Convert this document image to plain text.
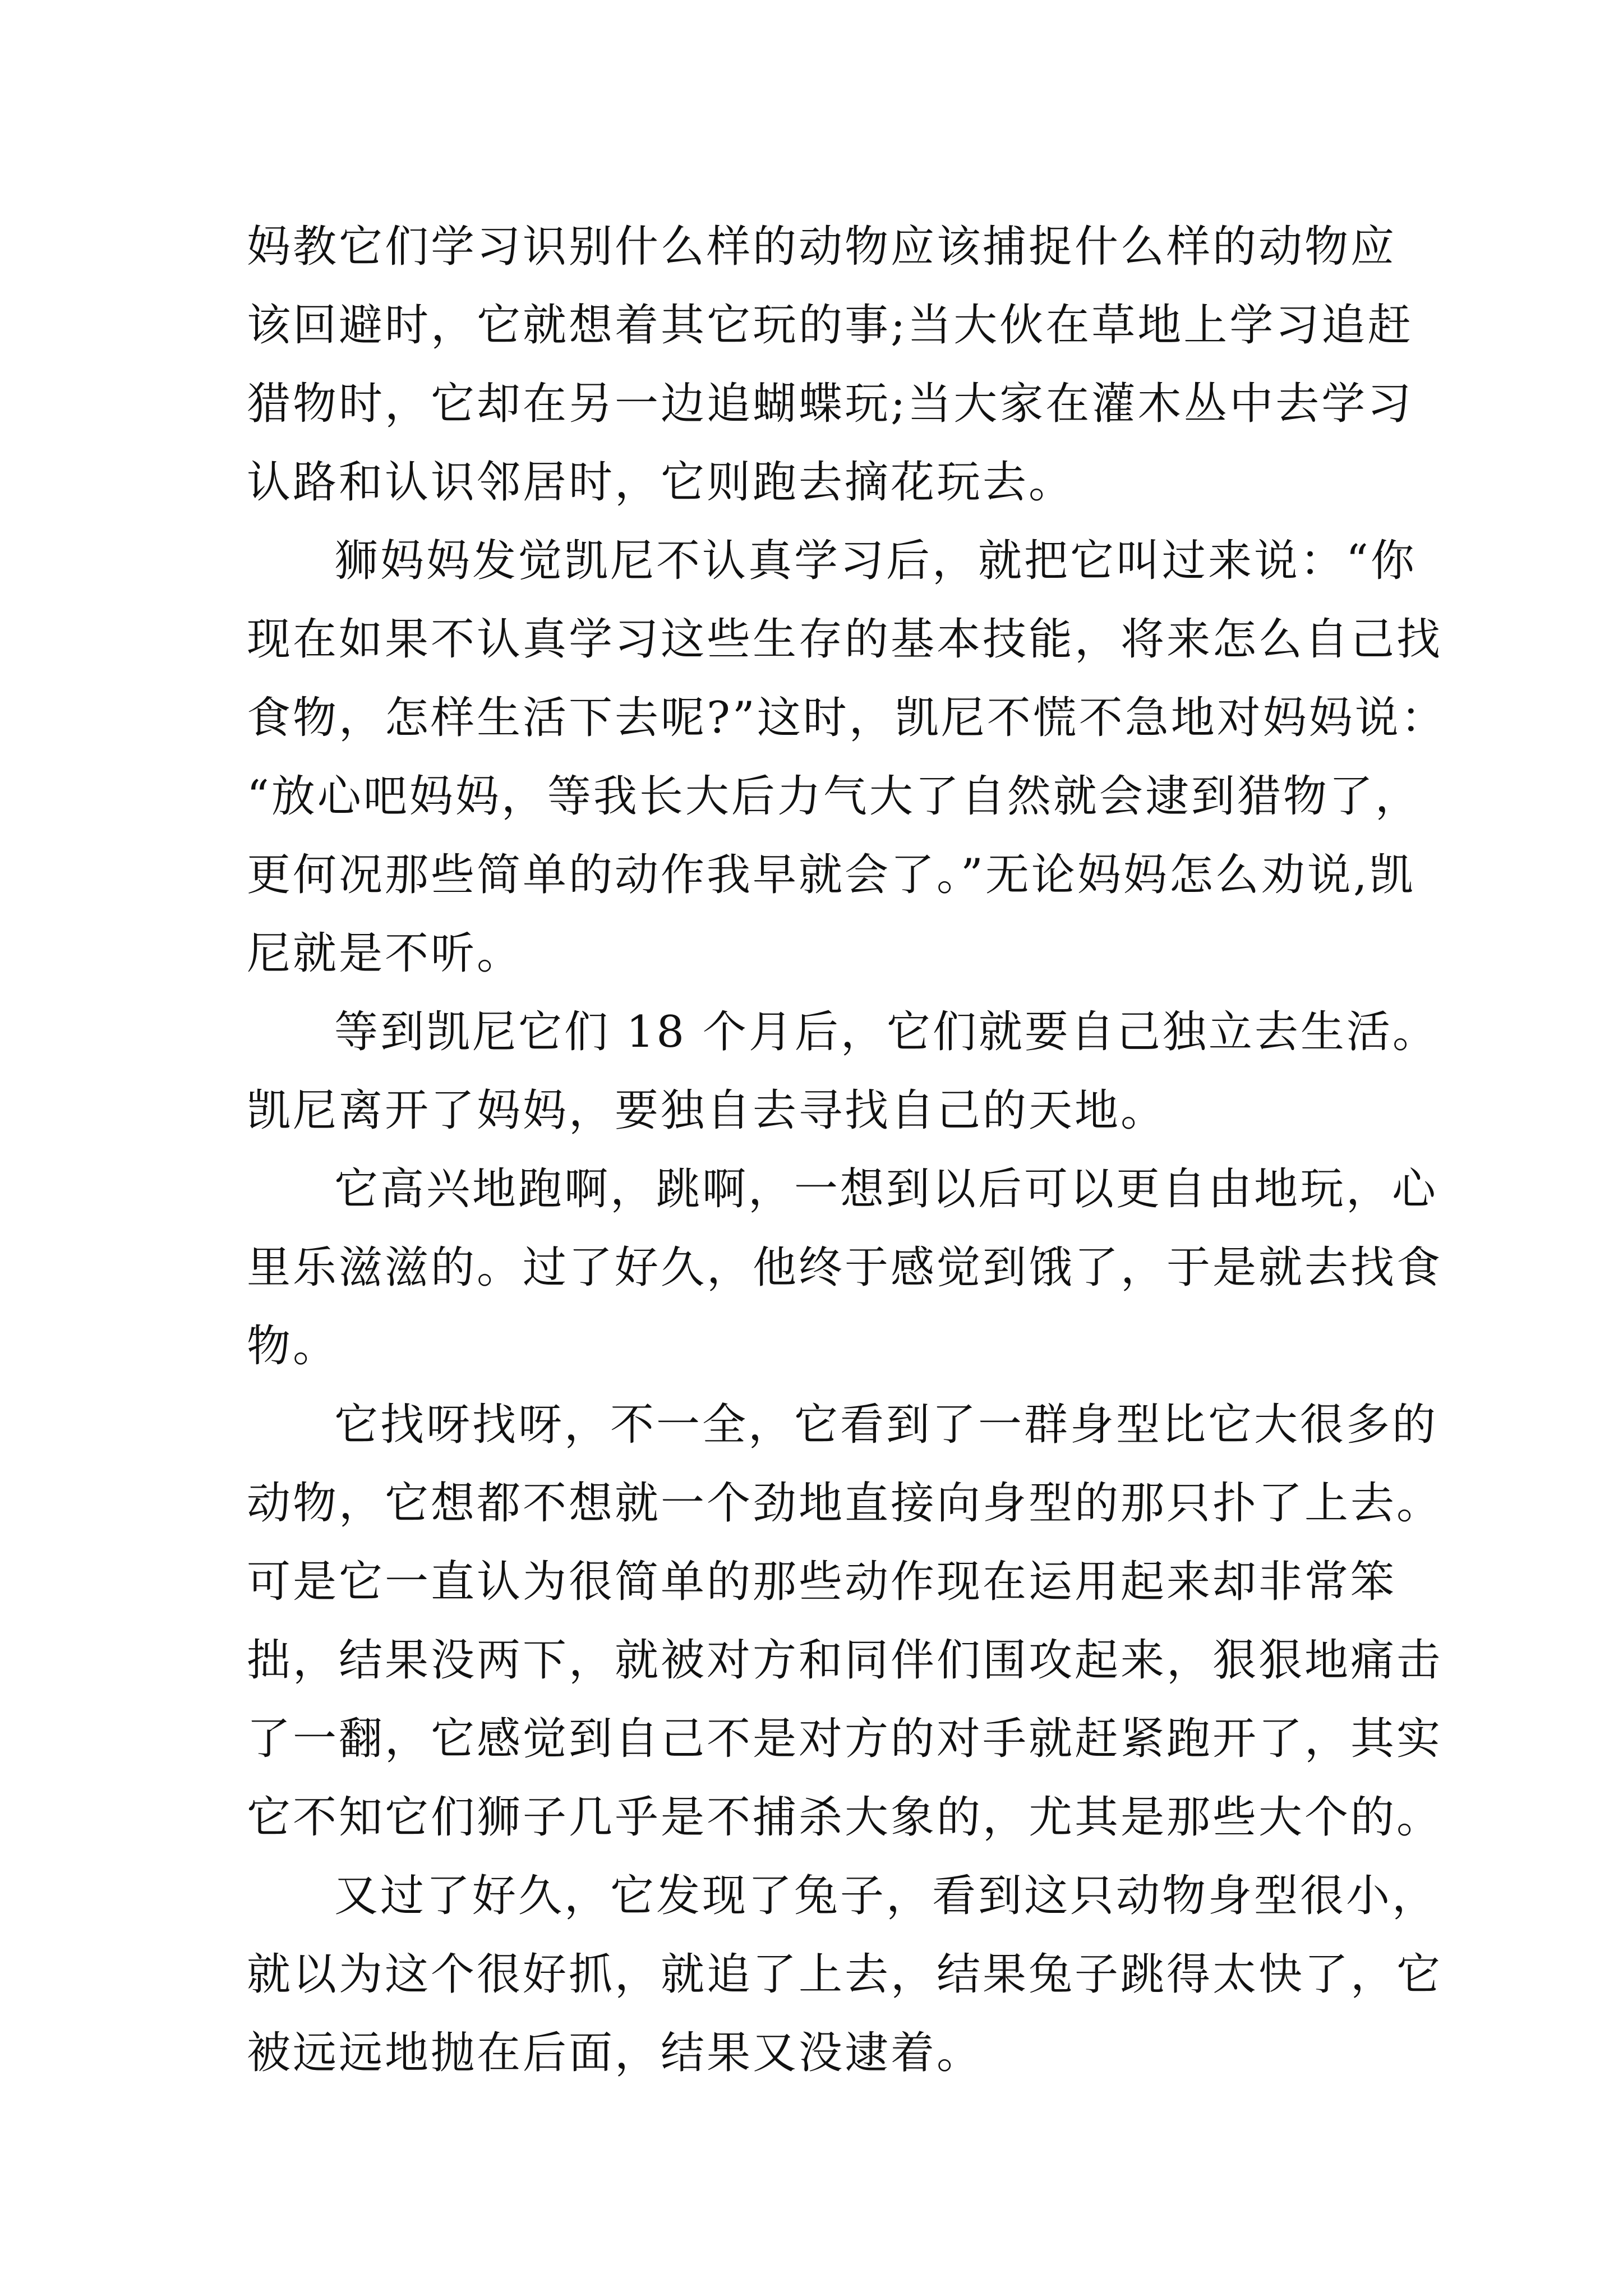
妈教它们学习识别什么样的动物应该捕捉什么样的动物应
该回避时，它就想着其它玩的事;当大伙在草地上学习追赶
猎物时，它却在另一边追蝴蝶玩;当大家在灌木丛中去学习
认路和认识邻居时，它则跑去摘花玩去。
狮妈妈发觉凯尼不认真学习后，就把它叫过来说：“你
现在如果不认真学习这些生存的基本技能，将来怎么自己找
食物，怎样生活下去呢?”这时，凯尼不慌不急地对妈妈说：
“放心吧妈妈，等我长大后力气大了自然就会逮到猎物了，
更何况那些简单的动作我早就会了。”无论妈妈怎么劝说,凯
尼就是不听。
等到凯尼它们 18 个月后，它们就要自己独立去生活。
凯尼离开了妈妈，要独自去寻找自己的天地。
它高兴地跑啊，跳啊，一想到以后可以更自由地玩，心
里乐滋滋的。过了好久，他终于感觉到饿了，于是就去找食
物。
它找呀找呀，不一全，它看到了一群身型比它大很多的
动物，它想都不想就一个劲地直接向身型的那只扑了上去。
可是它一直认为很简单的那些动作现在运用起来却非常笨
拙，结果没两下，就被对方和同伴们围攻起来，狠狠地痛击
了一翻，它感觉到自己不是对方的对手就赶紧跑开了，其实
它不知它们狮子几乎是不捕杀大象的，尤其是那些大个的。
又过了好久，它发现了兔子，看到这只动物身型很小，
就以为这个很好抓，就追了上去，结果兔子跳得太快了，它
被远远地抛在后面，结果又没逮着。
